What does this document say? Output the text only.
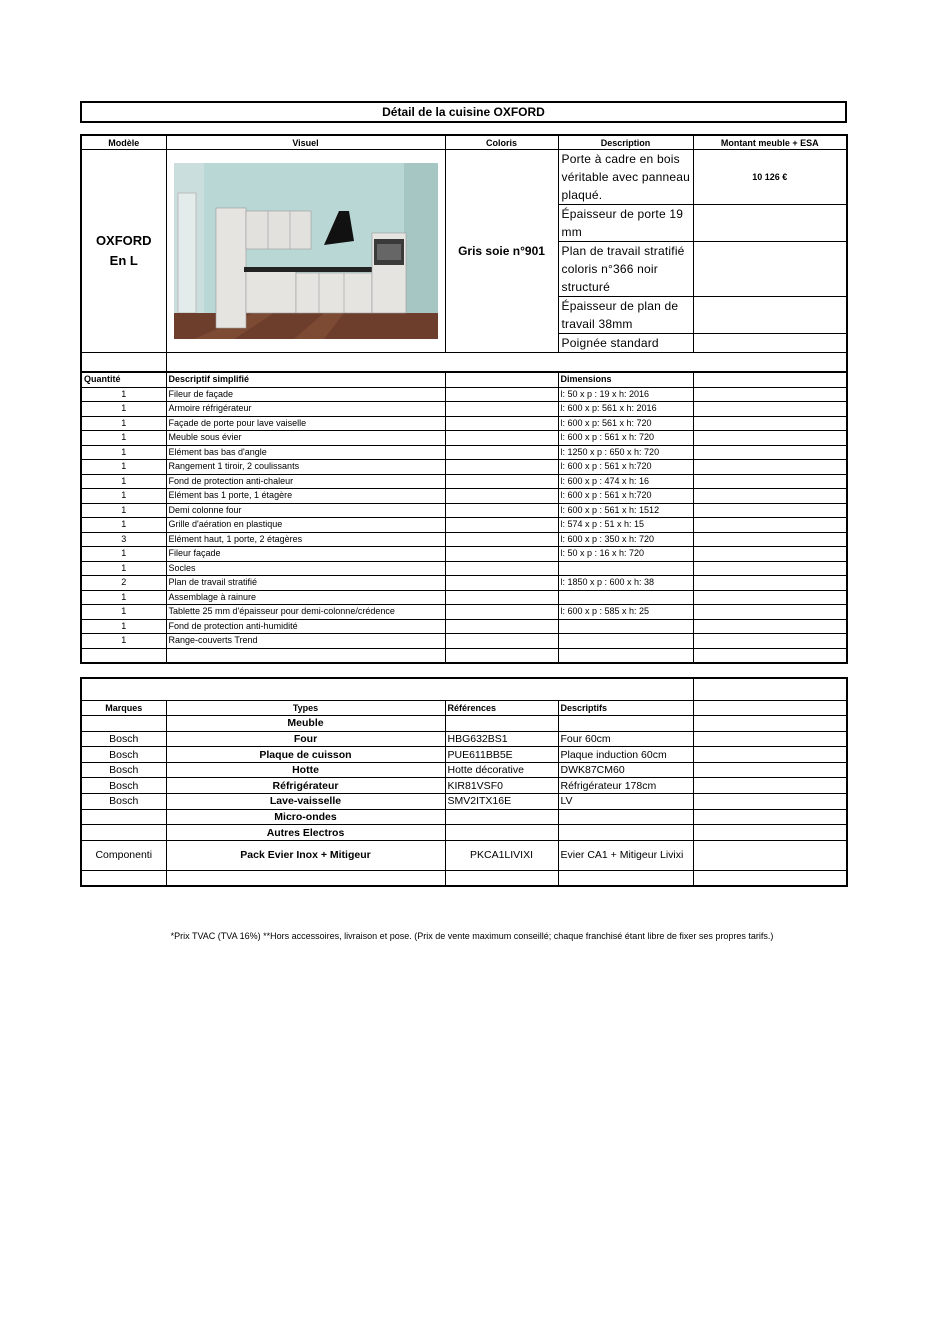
Détail de la cuisine OXFORD
Modèle	Visuel	Coloris	Description	Montant meuble + ESA

OXFORD
En L		Gris soie n°901	Porte à cadre en bois véritable avec panneau plaqué.	10 126 €
			Épaisseur de porte 19 mm	
			Plan de travail stratifié coloris n°366 noir structuré	
			Épaisseur de plan de travail 38mm	
			Poignée standard	

Quantité	Descriptif simplifié		Dimensions	
1	Fileur de façade		l: 50 x p : 19 x h: 2016	
1	Armoire réfrigérateur		l: 600 x p: 561 x h: 2016	
1	Façade de porte pour lave vaiselle		l: 600 x p: 561 x h: 720	
1	Meuble sous évier		l: 600 x p : 561 x h: 720	
1	Elément bas bas d'angle		l: 1250 x p : 650 x h: 720	
1	Rangement 1 tiroir, 2 coulissants		l: 600 x p : 561 x h:720	
1	Fond de protection anti-chaleur		l: 600 x p : 474 x h: 16	
1	Elément bas 1 porte, 1 étagère		l: 600 x p : 561 x h:720	
1	Demi colonne four		l: 600 x p : 561 x h: 1512	
1	Grille d'aération en plastique		l: 574 x p : 51 x h: 15	
3	Elément haut, 1 porte, 2 étagères		l: 600 x p : 350 x h: 720	
1	Fileur façade		l: 50 x p : 16 x h: 720	
1	Socles			
2	Plan de travail stratifié		l: 1850 x p : 600 x h: 38	
1	Assemblage à rainure			
1	Tablette 25 mm d'épaisseur pour demi-colonne/crédence		l: 600 x p : 585 x h: 25	
1	Fond de protection anti-humidité			
1	Range-couverts Trend			

Marques	Types	Références	Descriptifs	
	Meuble			
Bosch	Four	HBG632BS1	Four 60cm	
Bosch	Plaque de cuisson	PUE611BB5E	Plaque induction 60cm	
Bosch	Hotte	Hotte décorative	DWK87CM60	
Bosch	Réfrigérateur	KIR81VSF0	Réfrigérateur 178cm	
Bosch	Lave-vaisselle	SMV2ITX16E	LV	
	Micro-ondes			
	Autres Electros			
Componenti	Pack Evier Inox + Mitigeur	PKCA1LIVIXI	Evier CA1 + Mitigeur Livixi	

*Prix TVAC (TVA 16%) **Hors accessoires, livraison et pose. (Prix de vente maximum conseillé; chaque franchisé étant libre de fixer ses propres tarifs.)
